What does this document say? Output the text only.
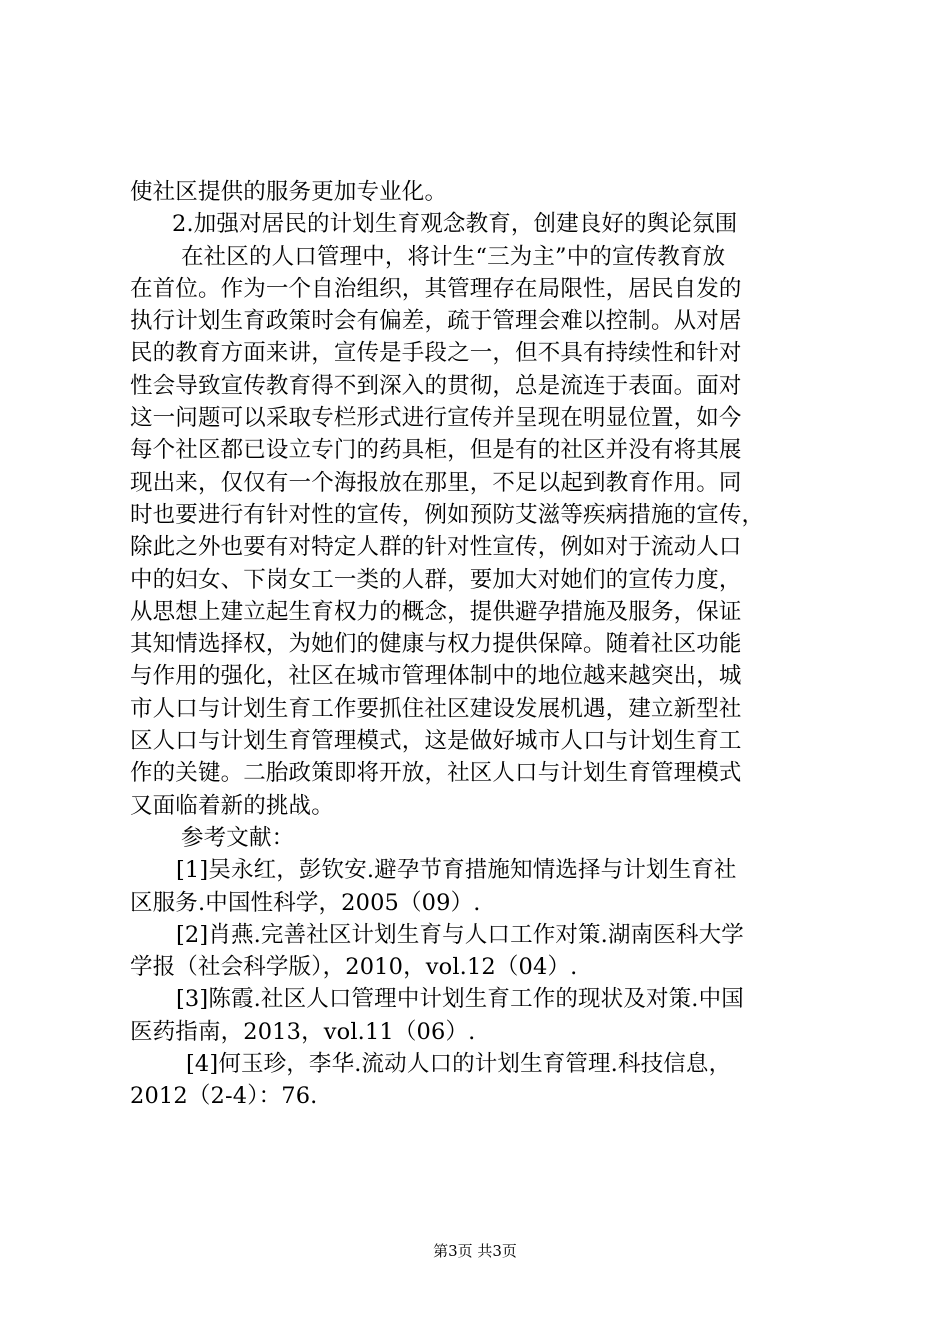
使社区提供的服务更加专业化。
2.加强对居民的计划生育观念教育，创建良好的舆论氛围
在社区的人口管理中，将计生“三为主”中的宣传教育放
在首位。作为一个自治组织，其管理存在局限性，居民自发的
执行计划生育政策时会有偏差，疏于管理会难以控制。从对居
民的教育方面来讲，宣传是手段之一，但不具有持续性和针对
性会导致宣传教育得不到深入的贯彻，总是流连于表面。面对
这一问题可以采取专栏形式进行宣传并呈现在明显位置，如今
每个社区都已设立专门的药具柜，但是有的社区并没有将其展
现出来，仅仅有一个海报放在那里，不足以起到教育作用。同
时也要进行有针对性的宣传，例如预防艾滋等疾病措施的宣传，
除此之外也要有对特定人群的针对性宣传，例如对于流动人口
中的妇女、下岗女工一类的人群，要加大对她们的宣传力度，
从思想上建立起生育权力的概念，提供避孕措施及服务，保证
其知情选择权，为她们的健康与权力提供保障。随着社区功能
与作用的强化，社区在城市管理体制中的地位越来越突出，城
市人口与计划生育工作要抓住社区建设发展机遇，建立新型社
区人口与计划生育管理模式，这是做好城市人口与计划生育工
作的关键。二胎政策即将开放，社区人口与计划生育管理模式
又面临着新的挑战。
参考文献：
[1]吴永红，彭钦安.避孕节育措施知情选择与计划生育社
区服务.中国性科学，2005（09）.
[2]肖燕.完善社区计划生育与人口工作对策.湖南医科大学
学报（社会科学版），2010，vol.12（04）.
[3]陈霞.社区人口管理中计划生育工作的现状及对策.中国
医药指南，2013，vol.11（06）.
[4]何玉珍，李华.流动人口的计划生育管理.科技信息，
2012（2-4）：76.
第3页 共3页
